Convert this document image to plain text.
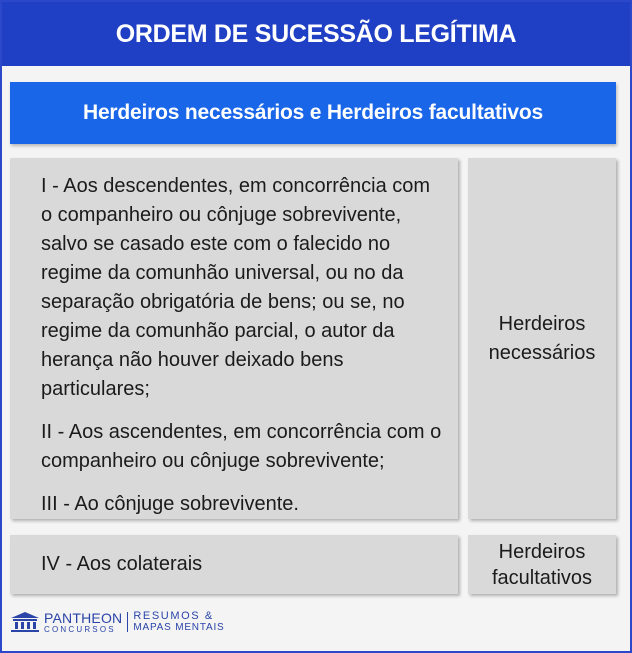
ORDEM DE SUCESSÃO LEGÍTIMA
Herdeiros necessários e Herdeiros facultativos

I - Aos descendentes, em concorrência com o companheiro ou cônjuge sobrevivente, salvo se casado este com o falecido no regime da comunhão universal, ou no da separação obrigatória de bens; ou se, no regime da comunhão parcial, o autor da herança não houver deixado bens particulares;

II - Aos ascendentes, em concorrência com o companheiro ou cônjuge sobrevivente;

III - Ao cônjuge sobrevivente.

Herdeiros
necessários
IV - Aos colaterais
Herdeiros
facultativos
PANTHEON
CONCURSOS
RESUMOS &
MAPAS MENTAIS
